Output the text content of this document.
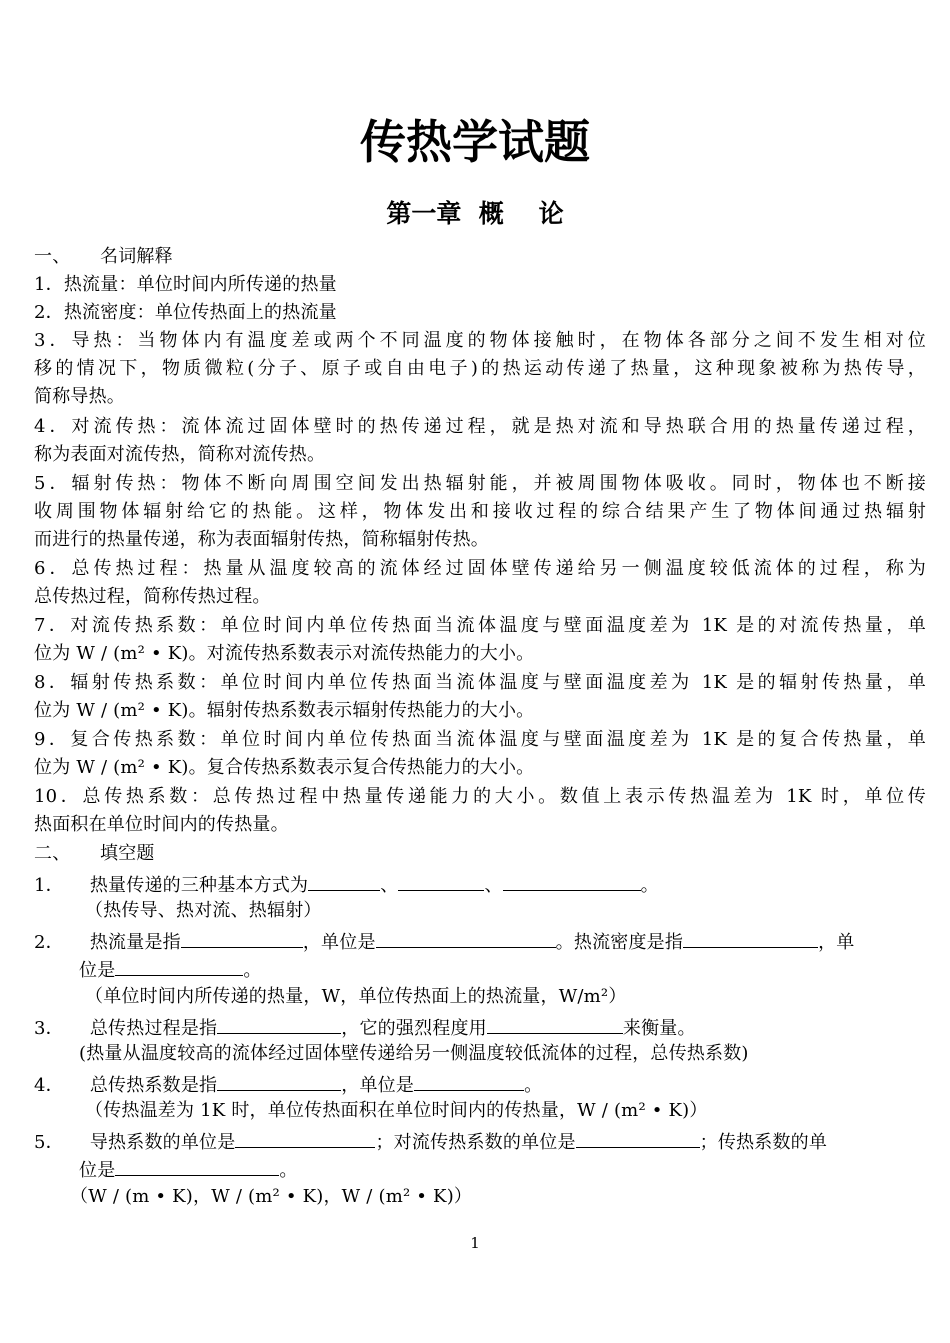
传热学试题
第一章  概    论
一、     名词解释
1．热流量：单位时间内所传递的热量
2．热流密度：单位传热面上的热流量
3．导热：当物体内有温度差或两个不同温度的物体接触时，在物体各部分之间不发生相对位
移的情况下，物质微粒(分子、原子或自由电子)的热运动传递了热量，这种现象被称为热传导，
简称导热。
4．对流传热：流体流过固体壁时的热传递过程，就是热对流和导热联合用的热量传递过程，
称为表面对流传热，简称对流传热。
5．辐射传热：物体不断向周围空间发出热辐射能，并被周围物体吸收。同时，物体也不断接
收周围物体辐射给它的热能。这样，物体发出和接收过程的综合结果产生了物体间通过热辐射
而进行的热量传递，称为表面辐射传热，简称辐射传热。
6．总传热过程：热量从温度较高的流体经过固体壁传递给另一侧温度较低流体的过程，称为
总传热过程，简称传热过程。
7．对流传热系数：单位时间内单位传热面当流体温度与壁面温度差为 1K 是的对流传热量，单
位为 W / (m² • K)。对流传热系数表示对流传热能力的大小。
8．辐射传热系数：单位时间内单位传热面当流体温度与壁面温度差为 1K 是的辐射传热量，单
位为 W / (m² • K)。辐射传热系数表示辐射传热能力的大小。
9．复合传热系数：单位时间内单位传热面当流体温度与壁面温度差为 1K 是的复合传热量，单
位为 W / (m² • K)。复合传热系数表示复合传热能力的大小。
10．总传热系数：总传热过程中热量传递能力的大小。数值上表示传热温差为 1K 时，单位传
热面积在单位时间内的传热量。
二、     填空题
1． 热量传递的三种基本方式为	、	、	。
（热传导、热对流、热辐射）
2． 热流量是指	，单位是	。热流密度是指	，单
位是	。
（单位时间内所传递的热量，W，单位传热面上的热流量，W/m²）
3． 总传热过程是指	，它的强烈程度用	来衡量。
(热量从温度较高的流体经过固体壁传递给另一侧温度较低流体的过程，总传热系数)
4． 总传热系数是指	，单位是	。
（传热温差为 1K 时，单位传热面积在单位时间内的传热量，W / (m² • K)）
5． 导热系数的单位是	；对流传热系数的单位是	；传热系数的单
位是	。
（W / (m • K)，W / (m² • K)，W / (m² • K)）
1
